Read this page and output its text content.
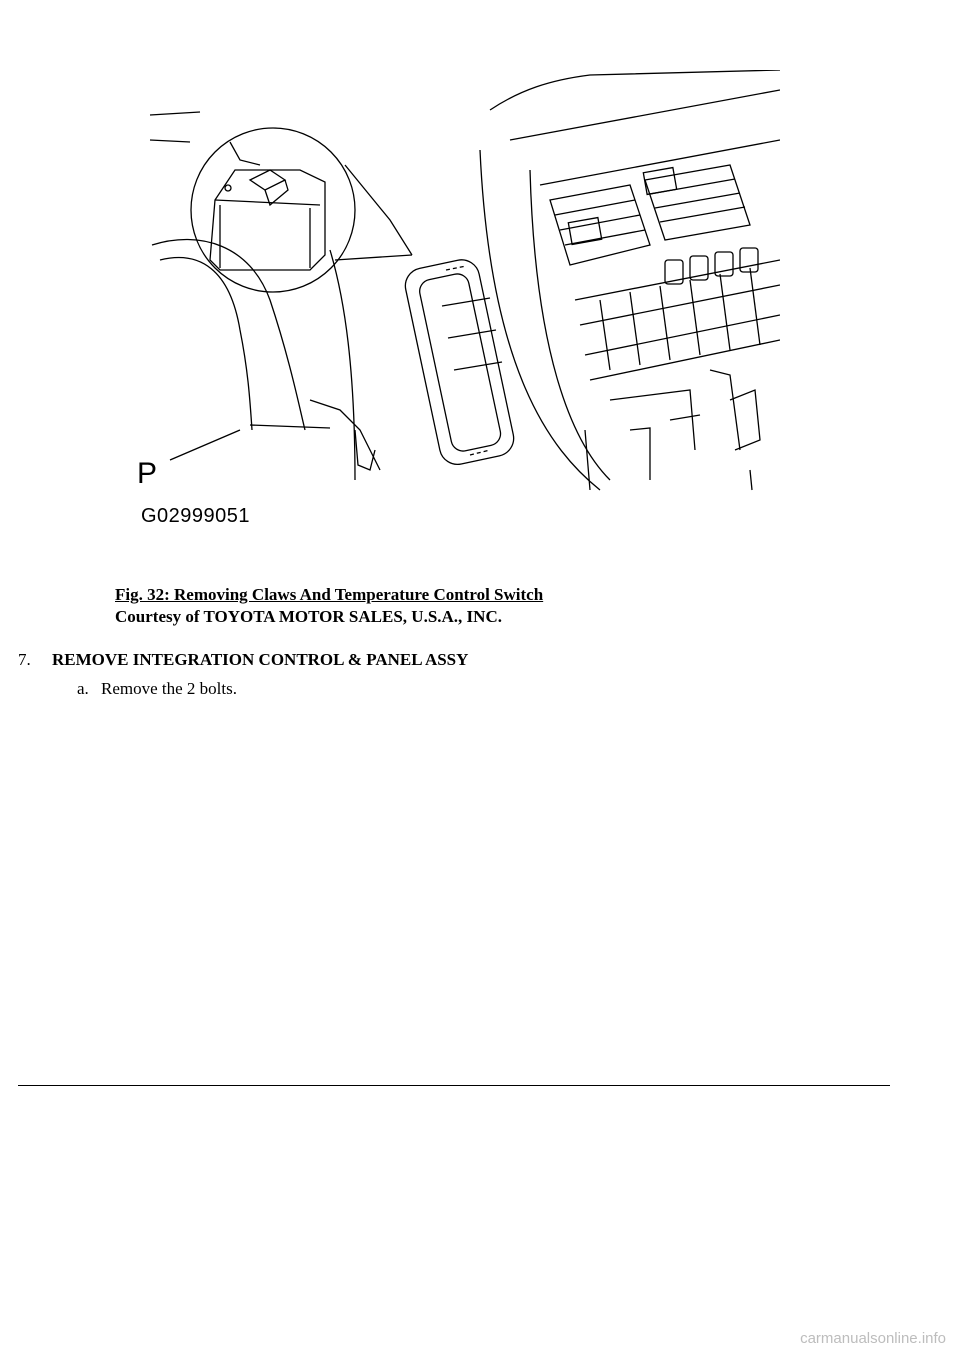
P
G02999051
Fig. 32: Removing Claws And Temperature Control Switch
Courtesy of TOYOTA MOTOR SALES, U.S.A., INC.
7. REMOVE INTEGRATION CONTROL & PANEL ASSY
a. Remove the 2 bolts.
carmanualsonline.info
